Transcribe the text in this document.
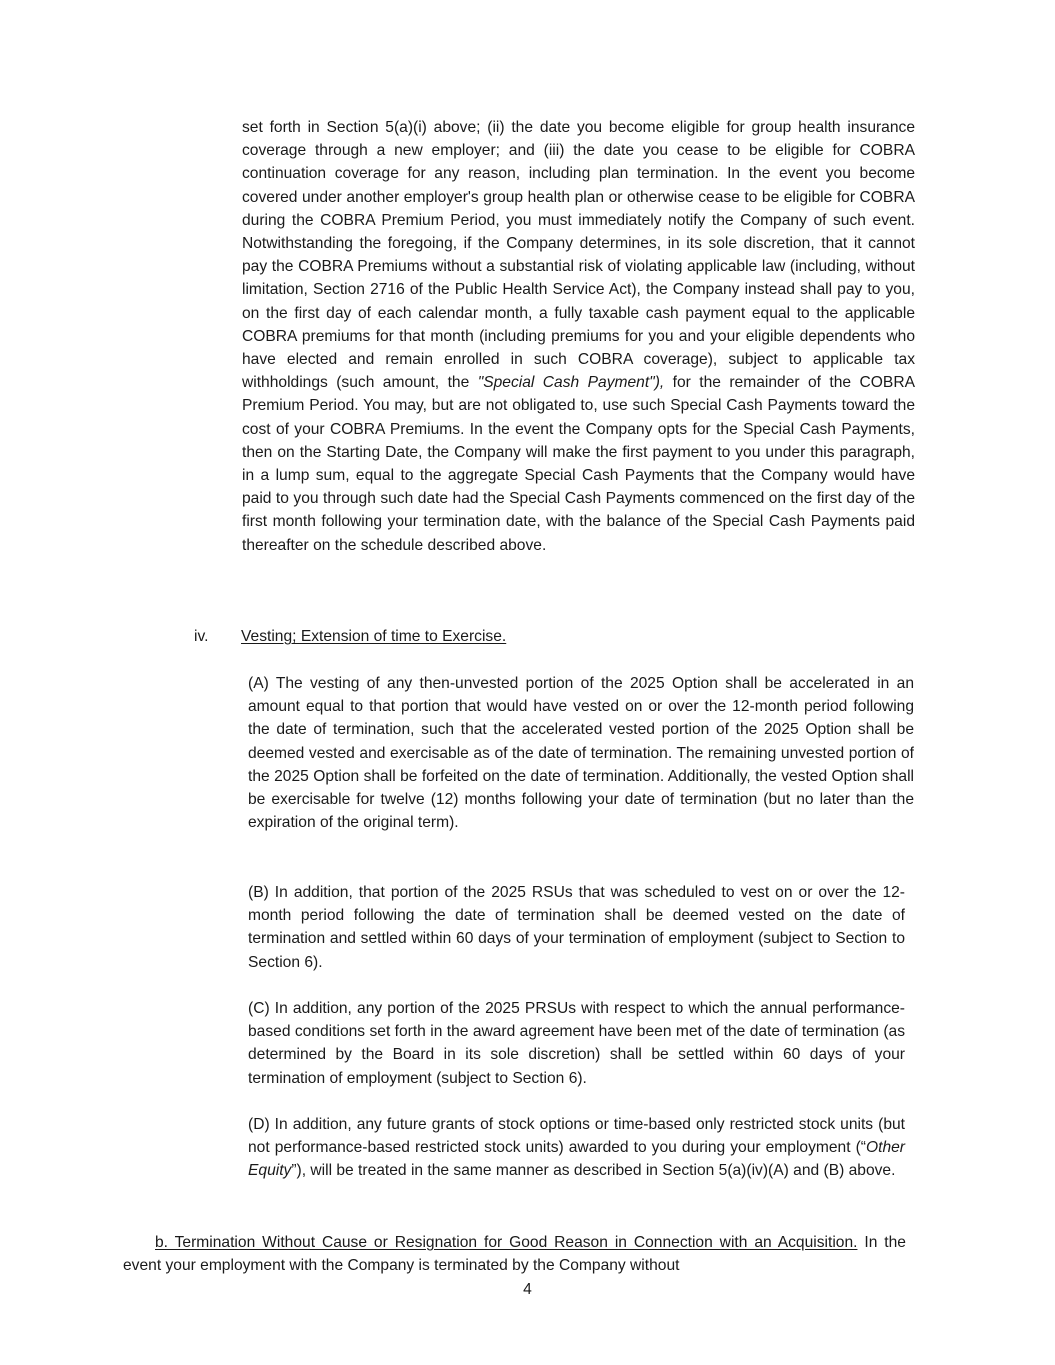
set forth in Section 5(a)(i) above; (ii) the date you become eligible for group health insurance coverage through a new employer; and (iii) the date you cease to be eligible for COBRA continuation coverage for any reason, including plan termination. In the event you become covered under another employer's group health plan or otherwise cease to be eligible for COBRA during the COBRA Premium Period, you must immediately notify the Company of such event. Notwithstanding the foregoing, if the Company determines, in its sole discretion, that it cannot pay the COBRA Premiums without a substantial risk of violating applicable law (including, without limitation, Section 2716 of the Public Health Service Act), the Company instead shall pay to you, on the first day of each calendar month, a fully taxable cash payment equal to the applicable COBRA premiums for that month (including premiums for you and your eligible dependents who have elected and remain enrolled in such COBRA coverage), subject to applicable tax withholdings (such amount, the "Special Cash Payment"), for the remainder of the COBRA Premium Period. You may, but are not obligated to, use such Special Cash Payments toward the cost of your COBRA Premiums. In the event the Company opts for the Special Cash Payments, then on the Starting Date, the Company will make the first payment to you under this paragraph, in a lump sum, equal to the aggregate Special Cash Payments that the Company would have paid to you through such date had the Special Cash Payments commenced on the first day of the first month following your termination date, with the balance of the Special Cash Payments paid thereafter on the schedule described above.

iv. Vesting; Extension of time to Exercise.

(A) The vesting of any then-unvested portion of the 2025 Option shall be accelerated in an amount equal to that portion that would have vested on or over the 12-month period following the date of termination, such that the accelerated vested portion of the 2025 Option shall be deemed vested and exercisable as of the date of termination. The remaining unvested portion of the 2025 Option shall be forfeited on the date of termination. Additionally, the vested Option shall be exercisable for twelve (12) months following your date of termination (but no later than the expiration of the original term).

(B) In addition, that portion of the 2025 RSUs that was scheduled to vest on or over the 12-month period following the date of termination shall be deemed vested on the date of termination and settled within 60 days of your termination of employment (subject to Section to Section 6).

(C) In addition, any portion of the 2025 PRSUs with respect to which the annual performance-based conditions set forth in the award agreement have been met of the date of termination (as determined by the Board in its sole discretion) shall be settled within 60 days of your termination of employment (subject to Section 6).

(D) In addition, any future grants of stock options or time-based only restricted stock units (but not performance-based restricted stock units) awarded to you during your employment (“Other Equity”), will be treated in the same manner as described in Section 5(a)(iv)(A) and (B) above.

b. Termination Without Cause or Resignation for Good Reason in Connection with an Acquisition. In the event your employment with the Company is terminated by the Company without

4
